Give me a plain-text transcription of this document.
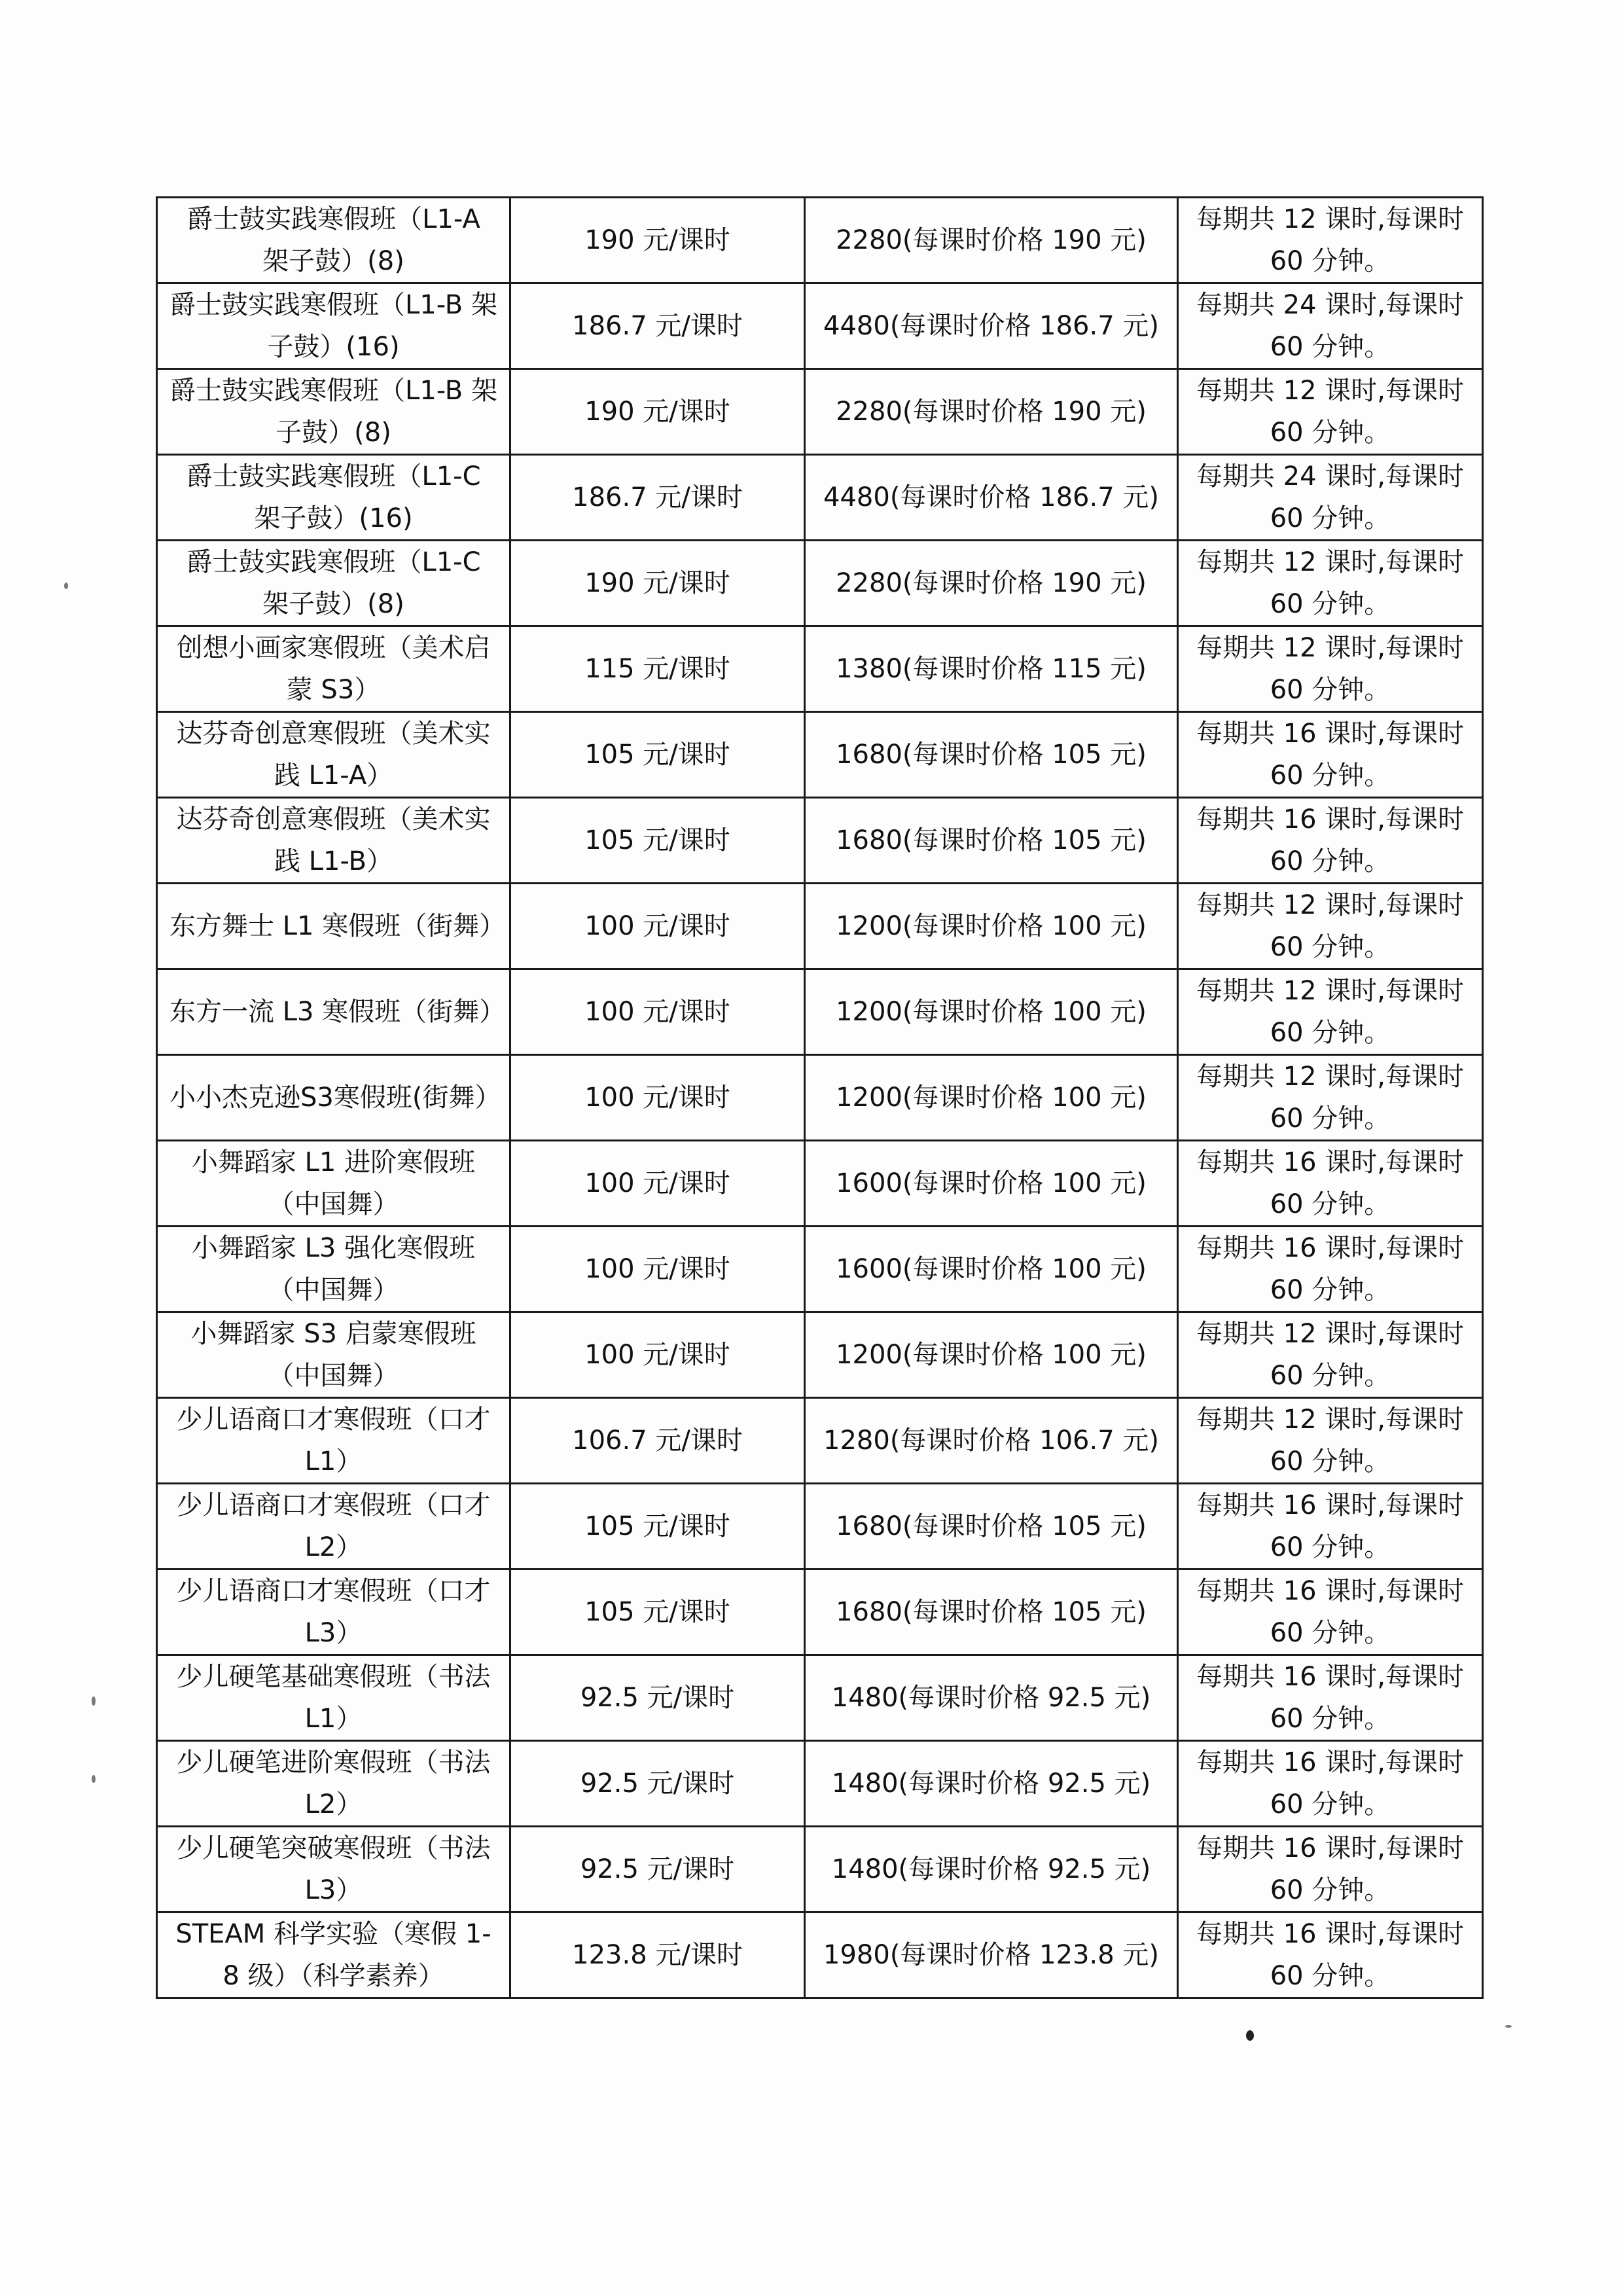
爵士鼓实践寒假班（L1-A 架子鼓）(8)	190 元/课时	2280(每课时价格 190 元)	每期共 12 课时,每课时 60 分钟。
爵士鼓实践寒假班（L1-B 架子鼓）(16)	186.7 元/课时	4480(每课时价格 186.7 元)	每期共 24 课时,每课时 60 分钟。
爵士鼓实践寒假班（L1-B 架子鼓）(8)	190 元/课时	2280(每课时价格 190 元)	每期共 12 课时,每课时 60 分钟。
爵士鼓实践寒假班（L1-C 架子鼓）(16)	186.7 元/课时	4480(每课时价格 186.7 元)	每期共 24 课时,每课时 60 分钟。
爵士鼓实践寒假班（L1-C 架子鼓）(8)	190 元/课时	2280(每课时价格 190 元)	每期共 12 课时,每课时 60 分钟。
创想小画家寒假班（美术启蒙 S3）	115 元/课时	1380(每课时价格 115 元)	每期共 12 课时,每课时 60 分钟。
达芬奇创意寒假班（美术实践 L1-A）	105 元/课时	1680(每课时价格 105 元)	每期共 16 课时,每课时 60 分钟。
达芬奇创意寒假班（美术实践 L1-B）	105 元/课时	1680(每课时价格 105 元)	每期共 16 课时,每课时 60 分钟。
东方舞士 L1 寒假班（街舞）	100 元/课时	1200(每课时价格 100 元)	每期共 12 课时,每课时 60 分钟。
东方一流 L3 寒假班（街舞）	100 元/课时	1200(每课时价格 100 元)	每期共 12 课时,每课时 60 分钟。
小小杰克逊S3寒假班(街舞）	100 元/课时	1200(每课时价格 100 元)	每期共 12 课时,每课时 60 分钟。
小舞蹈家 L1 进阶寒假班（中国舞）	100 元/课时	1600(每课时价格 100 元)	每期共 16 课时,每课时 60 分钟。
小舞蹈家 L3 强化寒假班（中国舞）	100 元/课时	1600(每课时价格 100 元)	每期共 16 课时,每课时 60 分钟。
小舞蹈家 S3 启蒙寒假班（中国舞）	100 元/课时	1200(每课时价格 100 元)	每期共 12 课时,每课时 60 分钟。
少儿语商口才寒假班（口才 L1）	106.7 元/课时	1280(每课时价格 106.7 元)	每期共 12 课时,每课时 60 分钟。
少儿语商口才寒假班（口才 L2）	105 元/课时	1680(每课时价格 105 元)	每期共 16 课时,每课时 60 分钟。
少儿语商口才寒假班（口才 L3）	105 元/课时	1680(每课时价格 105 元)	每期共 16 课时,每课时 60 分钟。
少儿硬笔基础寒假班（书法 L1）	92.5 元/课时	1480(每课时价格 92.5 元)	每期共 16 课时,每课时 60 分钟。
少儿硬笔进阶寒假班（书法 L2）	92.5 元/课时	1480(每课时价格 92.5 元)	每期共 16 课时,每课时 60 分钟。
少儿硬笔突破寒假班（书法 L3）	92.5 元/课时	1480(每课时价格 92.5 元)	每期共 16 课时,每课时 60 分钟。
STEAM 科学实验（寒假 1-8 级）（科学素养）	123.8 元/课时	1980(每课时价格 123.8 元)	每期共 16 课时,每课时 60 分钟。
